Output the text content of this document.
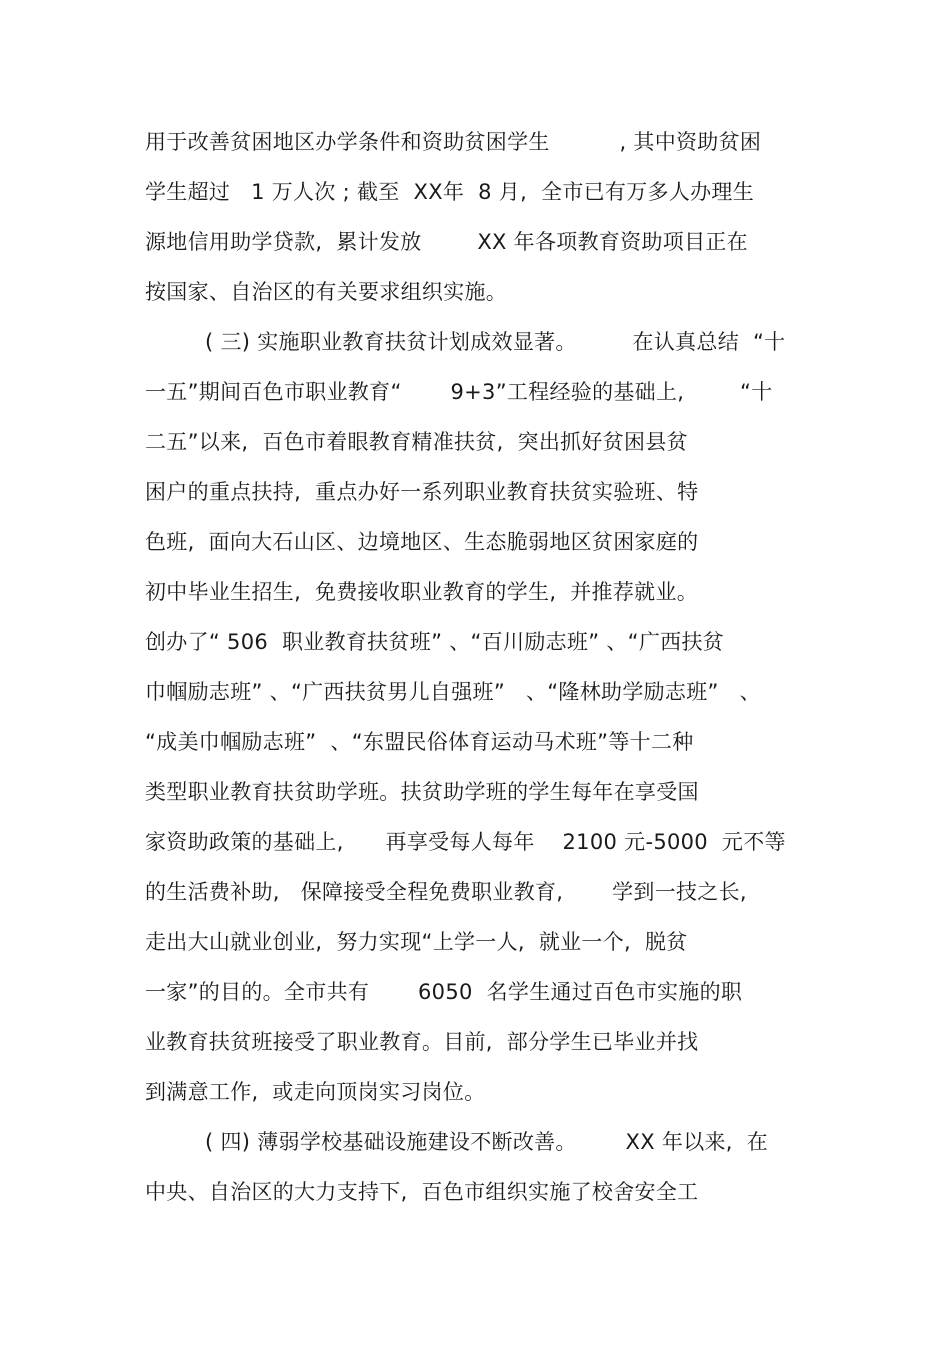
用于改善贫困地区办学条件和资助贫困学生          , 其中资助贫困
学生超过   1 万人次 ; 截至  XX年  8 月,  全市已有万多人办理生
源地信用助学贷款,  累计发放        XX 年各项教育资助项目正在
按国家、自治区的有关要求组织实施。
( 三) 实施职业教育扶贫计划成效显著。        在认真总结  “十
一五”期间百色市职业教育“       9+3”工程经验的基础上,        “十
二五”以来,  百色市着眼教育精准扶贫,  突出抓好贫困县贫
困户的重点扶持,  重点办好一系列职业教育扶贫实验班、特
色班,  面向大石山区、边境地区、生态脆弱地区贫困家庭的
初中毕业生招生,  免费接收职业教育的学生,  并推荐就业。
创办了“ 506  职业教育扶贫班” 、“百川励志班” 、“广西扶贫
巾帼励志班” 、“广西扶贫男儿自强班”   、“隆林助学励志班”   、
“成美巾帼励志班”  、“东盟民俗体育运动马术班”等十二种
类型职业教育扶贫助学班。扶贫助学班的学生每年在享受国
家资助政策的基础上,      再享受每人每年    2100 元-5000  元不等
的生活费补助,   保障接受全程免费职业教育,       学到一技之长,
走出大山就业创业,  努力实现“上学一人,  就业一个,  脱贫
一家”的目的。全市共有       6050  名学生通过百色市实施的职
业教育扶贫班接受了职业教育。目前,  部分学生已毕业并找
到满意工作,  或走向顶岗实习岗位。
( 四) 薄弱学校基础设施建设不断改善。       XX 年以来,  在
中央、自治区的大力支持下,  百色市组织实施了校舍安全工
